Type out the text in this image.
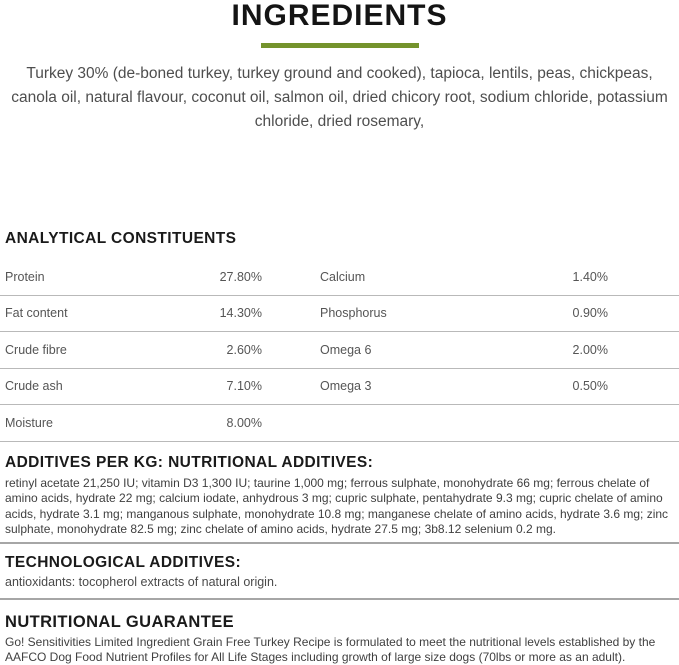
INGREDIENTS

Turkey 30% (de-boned turkey, turkey ground and cooked), tapioca, lentils, peas, chickpeas, canola oil, natural flavour, coconut oil, salmon oil, dried chicory root, sodium chloride, potassium chloride, dried rosemary,

ANALYTICAL CONSTITUENTS
Protein	27.80%	Calcium	1.40%
Fat content	14.30%	Phosphorus	0.90%
Crude fibre	2.60%	Omega 6	2.00%
Crude ash	7.10%	Omega 3	0.50%
Moisture	8.00%
ADDITIVES PER KG: NUTRITIONAL ADDITIVES:

retinyl acetate 21,250 IU; vitamin D3 1,300 IU; taurine 1,000 mg; ferrous sulphate, monohydrate 66 mg; ferrous chelate of amino acids, hydrate 22 mg; calcium iodate, anhydrous 3 mg; cupric sulphate, pentahydrate 9.3 mg; cupric chelate of amino acids, hydrate 3.1 mg; manganous sulphate, monohydrate 10.8 mg; manganese chelate of amino acids, hydrate 3.6 mg; zinc sulphate, monohydrate 82.5 mg; zinc chelate of amino acids, hydrate 27.5 mg; 3b8.12 selenium 0.2 mg.

TECHNOLOGICAL ADDITIVES:

antioxidants: tocopherol extracts of natural origin.

NUTRITIONAL GUARANTEE

Go! Sensitivities Limited Ingredient Grain Free Turkey Recipe is formulated to meet the nutritional levels established by the AAFCO Dog Food Nutrient Profiles for All Life Stages including growth of large size dogs (70lbs or more as an adult).
